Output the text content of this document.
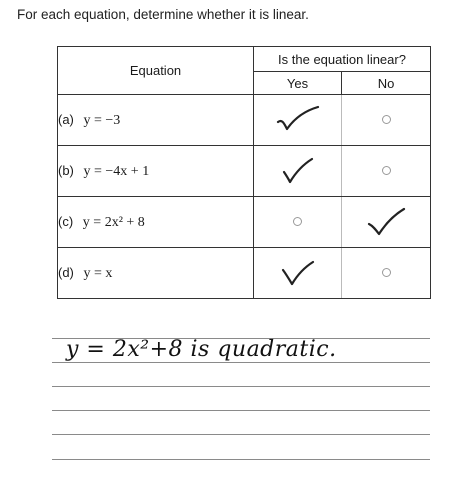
For each equation, determine whether it is linear.
Equation	Is the equation linear?	
	Yes	No
(a) y = −3	

(b) y = −4x + 1	

(c) y = 2x² + 8		

(d) y = x	

y = 2x²+8 is quadratic.
